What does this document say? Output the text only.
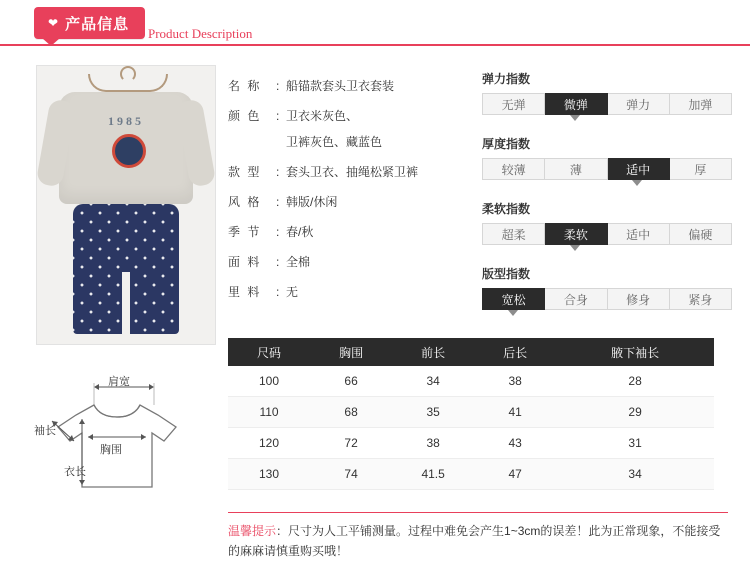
❤ 产品信息
Product Description
1985
名 称	: 船锚款套头卫衣套装
颜 色	: 卫衣米灰色、
卫裤灰色、藏蓝色
款 型	: 套头卫衣、抽绳松紧卫裤
风 格	: 韩版/休闲
季 节	: 春/秋
面 料	: 全棉
里 料	: 无
弹力指数
无弹	微弹	弹力	加弹
厚度指数
较薄	薄	适中	厚
柔软指数
超柔	柔软	适中	偏硬
版型指数
宽松	合身	修身	紧身
尺码	胸围	前长	后长	腋下袖长
100	66	34	38	28
110	68	35	41	29
120	72	38	43	31
130	74	41.5	47	34
肩宽
袖长
胸围
衣长
温馨提示：尺寸为人工平铺测量。过程中难免会产生1~3cm的误差！此为正常现象，不能接受
的麻麻请慎重购买哦！
